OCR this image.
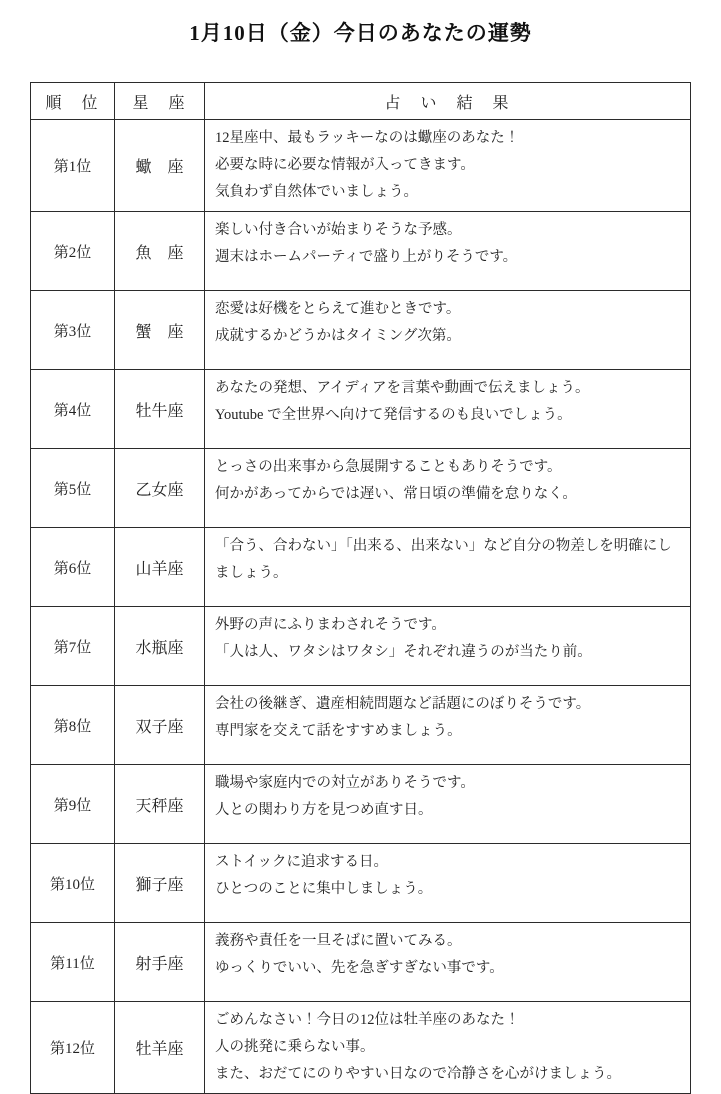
1月10日（金）今日のあなたの運勢
順　位	星　座	占　い　結　果
第1位	蠍　座	12星座中、最もラッキーなのは蠍座のあなた！
必要な時に必要な情報が入ってきます。
気負わず自然体でいましょう。

第2位	魚　座	楽しい付き合いが始まりそうな予感。
週末はホームパーティで盛り上がりそうです。

第3位	蟹　座	恋愛は好機をとらえて進むときです。
成就するかどうかはタイミング次第。

第4位	牡牛座	あなたの発想、アイディアを言葉や動画で伝えましょう。
Youtube で全世界へ向けて発信するのも良いでしょう。

第5位	乙女座	とっさの出来事から急展開することもありそうです。
何かがあってからでは遅い、常日頃の準備を怠りなく。

第6位	山羊座	「合う、合わない」「出来る、出来ない」など自分の物差しを明確にしましょう。

第7位	水瓶座	外野の声にふりまわされそうです。
「人は人、ワタシはワタシ」それぞれ違うのが当たり前。

第8位	双子座	会社の後継ぎ、遺産相続問題など話題にのぼりそうです。
専門家を交えて話をすすめましょう。

第9位	天秤座	職場や家庭内での対立がありそうです。
人との関わり方を見つめ直す日。

第10位	獅子座	ストイックに追求する日。
ひとつのことに集中しましょう。

第11位	射手座	義務や責任を一旦そばに置いてみる。
ゆっくりでいい、先を急ぎすぎない事です。

第12位	牡羊座	ごめんなさい！今日の12位は牡羊座のあなた！
人の挑発に乗らない事。
また、おだてにのりやすい日なので冷静さを心がけましょう。
